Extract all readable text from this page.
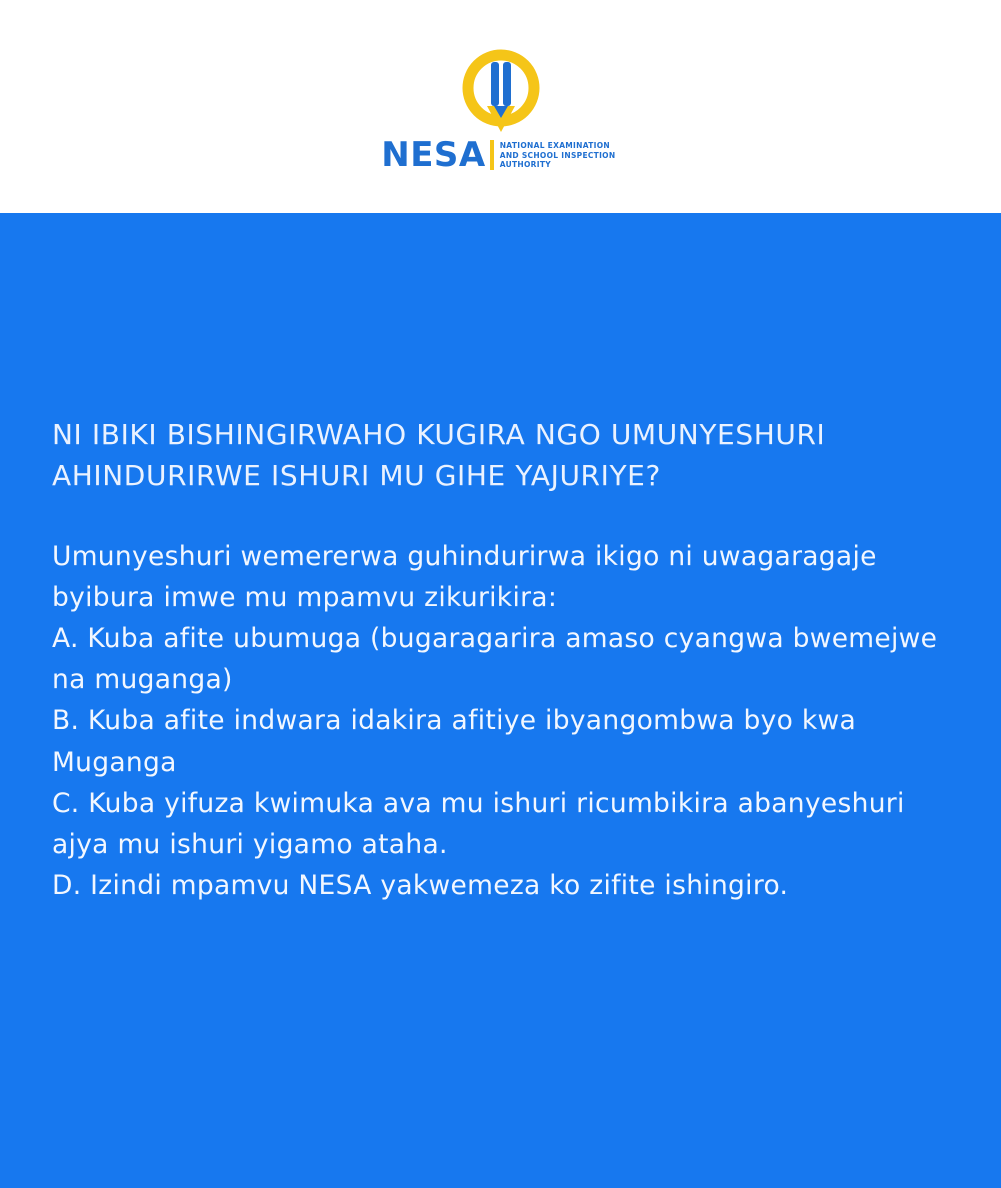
NESA NATIONAL EXAMINATION AND SCHOOL INSPECTION AUTHORITY
NI IBIKI BISHINGIRWAHO KUGIRA NGO UMUNYESHURI AHINDURIRWE ISHURI MU GIHE YAJURIYE?

Umunyeshuri wemererwa guhindurirwa ikigo ni uwagaragaje byibura imwe mu mpamvu zikurikira:

A. Kuba afite ubumuga (bugaragarira amaso cyangwa bwemejwe na muganga)

B. Kuba afite indwara idakira afitiye ibyangombwa byo kwa Muganga

C. Kuba yifuza kwimuka ava mu ishuri ricumbikira abanyeshuri ajya mu ishuri yigamo ataha.

D. Izindi mpamvu NESA yakwemeza ko zifite ishingiro.
